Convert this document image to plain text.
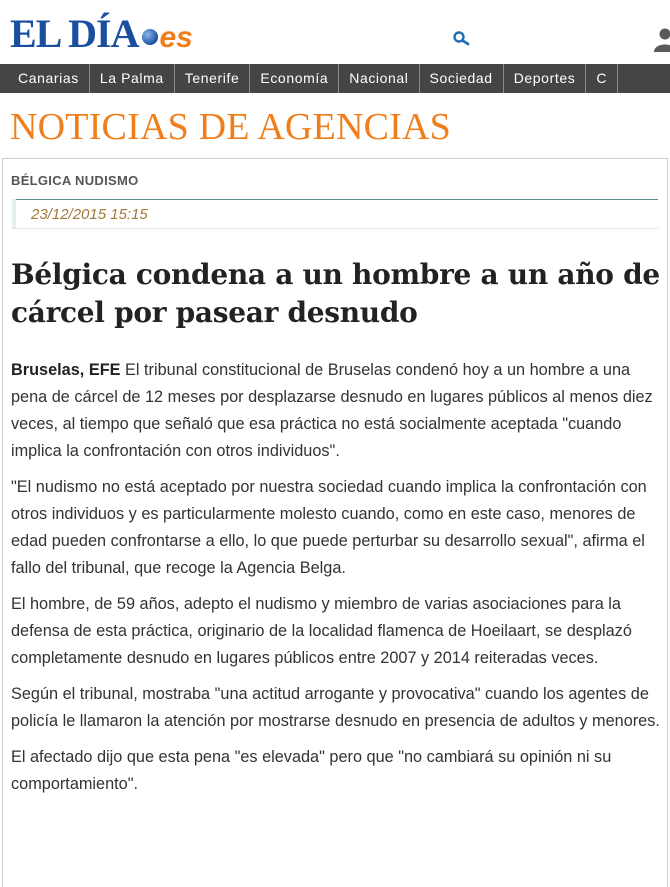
EL DÍA es
Canarias	La Palma	Tenerife	Economía	Nacional	Sociedad	Deportes	C
NOTICIAS DE AGENCIAS
BÉLGICA NUDISMO
23/12/2015 15:15
Bélgica condena a un hombre a un año de cárcel por pasear desnudo

Bruselas, EFE El tribunal constitucional de Bruselas condenó hoy a un hombre a una pena de cárcel de 12 meses por desplazarse desnudo en lugares públicos al menos diez veces, al tiempo que señaló que esa práctica no está socialmente aceptada "cuando implica la confrontación con otros individuos".

"El nudismo no está aceptado por nuestra sociedad cuando implica la confrontación con otros individuos y es particularmente molesto cuando, como en este caso, menores de edad pueden confrontarse a ello, lo que puede perturbar su desarrollo sexual", afirma el fallo del tribunal, que recoge la Agencia Belga.

El hombre, de 59 años, adepto el nudismo y miembro de varias asociaciones para la defensa de esta práctica, originario de la localidad flamenca de Hoeilaart, se desplazó completamente desnudo en lugares públicos entre 2007 y 2014 reiteradas veces.

Según el tribunal, mostraba "una actitud arrogante y provocativa" cuando los agentes de policía le llamaron la atención por mostrarse desnudo en presencia de adultos y menores.

El afectado dijo que esta pena "es elevada" pero que "no cambiará su opinión ni su comportamiento".
